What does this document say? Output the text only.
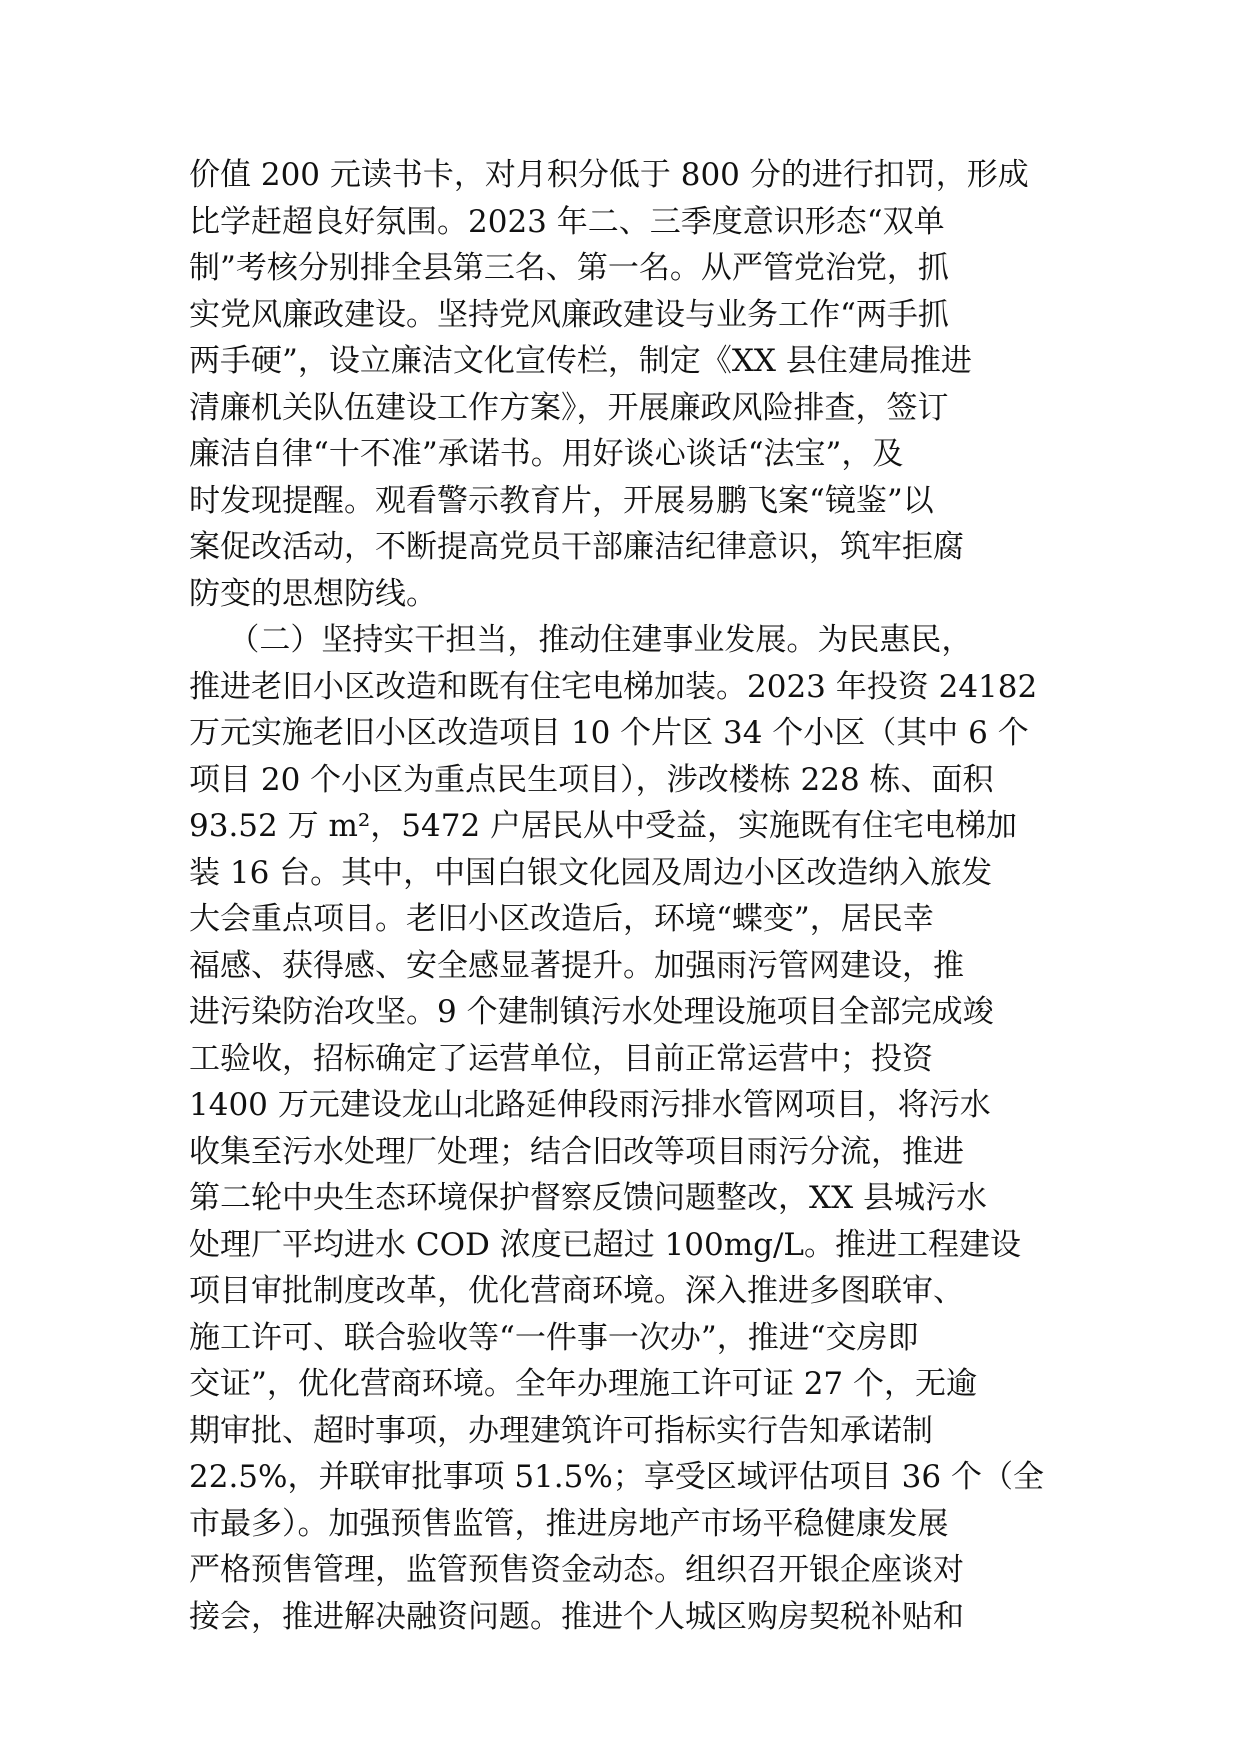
价值 200 元读书卡，对月积分低于 800 分的进行扣罚，形成
比学赶超良好氛围。2023 年二、三季度意识形态“双单
制”考核分别排全县第三名、第一名。从严管党治党，抓
实党风廉政建设。坚持党风廉政建设与业务工作“两手抓
两手硬”，设立廉洁文化宣传栏，制定《XX 县住建局推进
清廉机关队伍建设工作方案》，开展廉政风险排查，签订
廉洁自律“十不准”承诺书。用好谈心谈话“法宝”，及
时发现提醒。观看警示教育片，开展易鹏飞案“镜鉴”以
案促改活动，不断提高党员干部廉洁纪律意识，筑牢拒腐
防变的思想防线。
（二）坚持实干担当，推动住建事业发展。为民惠民，
推进老旧小区改造和既有住宅电梯加装。2023 年投资 24182
万元实施老旧小区改造项目 10 个片区 34 个小区（其中 6 个
项目 20 个小区为重点民生项目），涉改楼栋 228 栋、面积
93.52 万 m²，5472 户居民从中受益，实施既有住宅电梯加
装 16 台。其中，中国白银文化园及周边小区改造纳入旅发
大会重点项目。老旧小区改造后，环境“蝶变”，居民幸
福感、获得感、安全感显著提升。加强雨污管网建设，推
进污染防治攻坚。9 个建制镇污水处理设施项目全部完成竣
工验收，招标确定了运营单位，目前正常运营中；投资
1400 万元建设龙山北路延伸段雨污排水管网项目，将污水
收集至污水处理厂处理；结合旧改等项目雨污分流，推进
第二轮中央生态环境保护督察反馈问题整改，XX 县城污水
处理厂平均进水 COD 浓度已超过 100mg/L。推进工程建设
项目审批制度改革，优化营商环境。深入推进多图联审、
施工许可、联合验收等“一件事一次办”，推进“交房即
交证”，优化营商环境。全年办理施工许可证 27 个，无逾
期审批、超时事项，办理建筑许可指标实行告知承诺制
22.5%，并联审批事项 51.5%；享受区域评估项目 36 个（全
市最多）。加强预售监管，推进房地产市场平稳健康发展
严格预售管理，监管预售资金动态。组织召开银企座谈对
接会，推进解决融资问题。推进个人城区购房契税补贴和
